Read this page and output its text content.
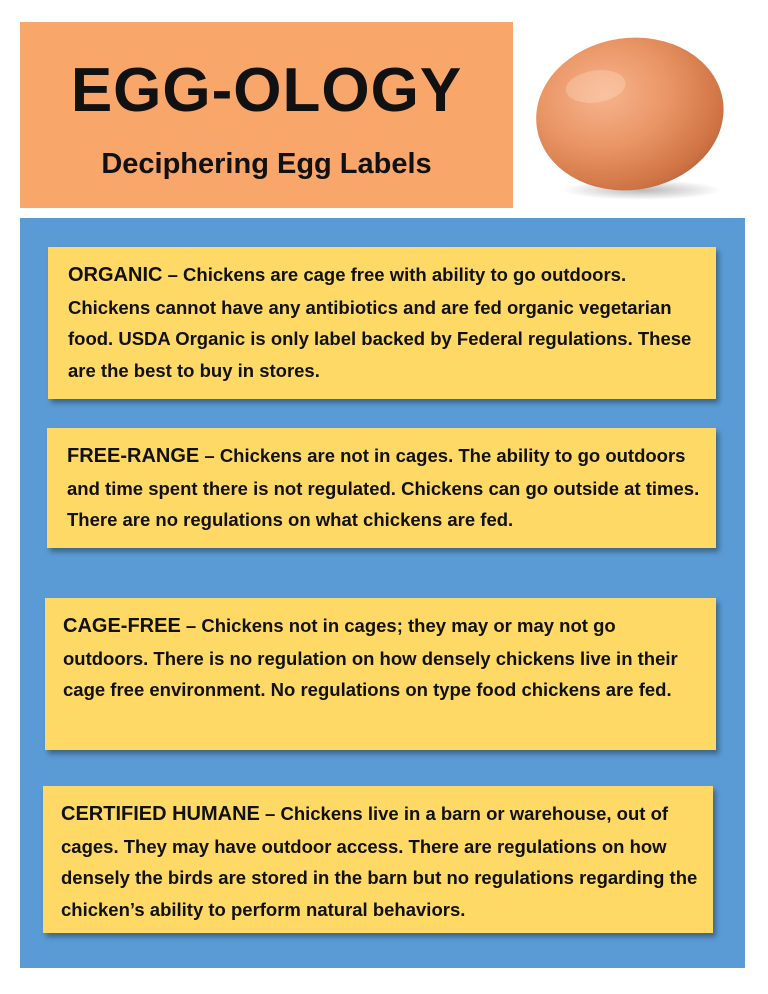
EGG-OLOGY
Deciphering Egg Labels
ORGANIC – Chickens are cage free with ability to go outdoors. Chickens cannot have any antibiotics and are fed organic vegetarian food. USDA Organic is only label backed by Federal regulations. These are the best to buy in stores.
FREE-RANGE – Chickens are not in cages. The ability to go outdoors and time spent there is not regulated. Chickens can go outside at times. There are no regulations on what chickens are fed.
CAGE-FREE – Chickens not in cages; they may or may not go outdoors. There is no regulation on how densely chickens live in their cage free environment. No regulations on type food chickens are fed.
CERTIFIED HUMANE – Chickens live in a barn or warehouse, out of cages. They may have outdoor access. There are regulations on how densely the birds are stored in the barn but no regulations regarding the chicken’s ability to perform natural behaviors.
